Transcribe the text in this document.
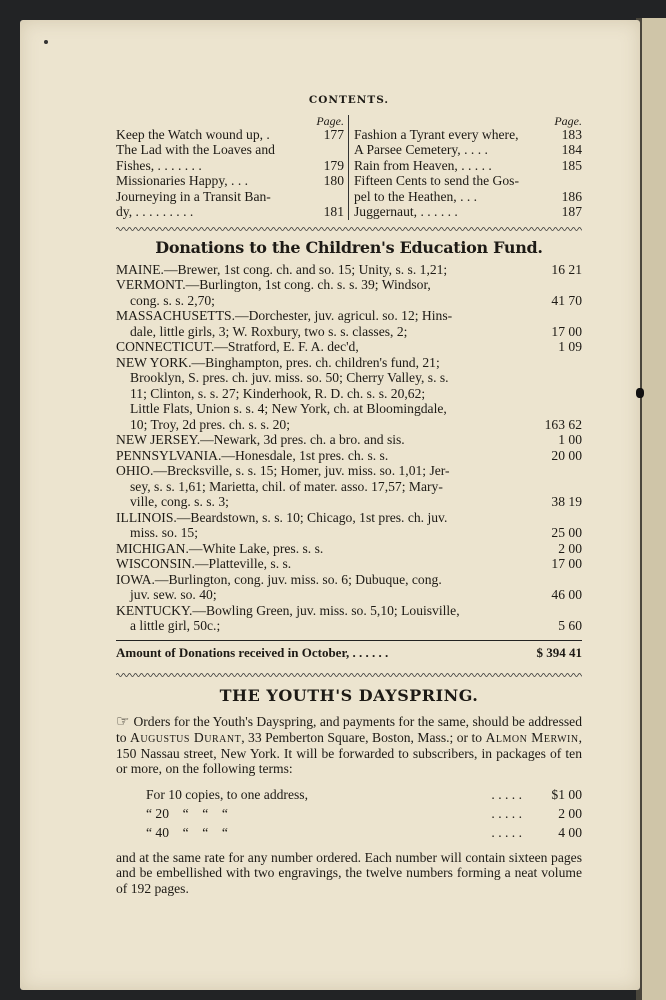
CONTENTS.
Page.
Keep the Watch wound up, .	177
The Lad with the Loaves and
Fishes, . . . . . . .	179
Missionaries Happy, . . .	180
Journeying in a Transit Ban-
dy, . . . . . . . . .	181
Page.
Fashion a Tyrant every where,	183
A Parsee Cemetery, . . . .	184
Rain from Heaven, . . . . .	185
Fifteen Cents to send the Gos-
pel to the Heathen, . . .	186
Juggernaut, . . . . . .	187
Donations to the Children's Education Fund.
MAINE.—Brewer, 1st cong. ch. and so. 15; Unity, s. s. 1,21;	16 21
VERMONT.—Burlington, 1st cong. ch. s. s. 39; Windsor,
cong. s. s. 2,70;	41 70
MASSACHUSETTS.—Dorchester, juv. agricul. so. 12; Hins-
dale, little girls, 3; W. Roxbury, two s. s. classes, 2;	17 00
CONNECTICUT.—Stratford, E. F. A. dec'd,	1 09
NEW YORK.—Binghampton, pres. ch. children's fund, 21;
Brooklyn, S. pres. ch. juv. miss. so. 50; Cherry Valley, s. s.
11; Clinton, s. s. 27; Kinderhook, R. D. ch. s. s. 20,62;
Little Flats, Union s. s. 4; New York, ch. at Bloomingdale,
10; Troy, 2d pres. ch. s. s. 20;	163 62
NEW JERSEY.—Newark, 3d pres. ch. a bro. and sis.	1 00
PENNSYLVANIA.—Honesdale, 1st pres. ch. s. s.	20 00
OHIO.—Brecksville, s. s. 15; Homer, juv. miss. so. 1,01; Jer-
sey, s. s. 1,61; Marietta, chil. of mater. asso. 17,57; Mary-
ville, cong. s. s. 3;	38 19
ILLINOIS.—Beardstown, s. s. 10; Chicago, 1st pres. ch. juv.
miss. so. 15;	25 00
MICHIGAN.—White Lake, pres. s. s.	2 00
WISCONSIN.—Platteville, s. s.	17 00
IOWA.—Burlington, cong. juv. miss. so. 6; Dubuque, cong.
juv. sew. so. 40;	46 00
KENTUCKY.—Bowling Green, juv. miss. so. 5,10; Louisville,
a little girl, 50c.;	5 60
Amount of Donations received in October, . . . . . .	$ 394 41
THE YOUTH'S DAYSPRING.
☞ Orders for the Youth's Dayspring, and payments for the same, should be addressed to Augustus Durant, 33 Pemberton Square, Boston, Mass.; or to Almon Merwin, 150 Nassau street, New York. It will be forwarded to subscribers, in packages of ten or more, on the following terms:
For 10 copies, to one address,	. . . . . $1 00
“ 20    “    “    “	. . . . .	2 00
“ 40    “    “    “	. . . . .	4 00
and at the same rate for any number ordered. Each number will contain sixteen pages and be embellished with two engravings, the twelve numbers forming a neat volume of 192 pages.
